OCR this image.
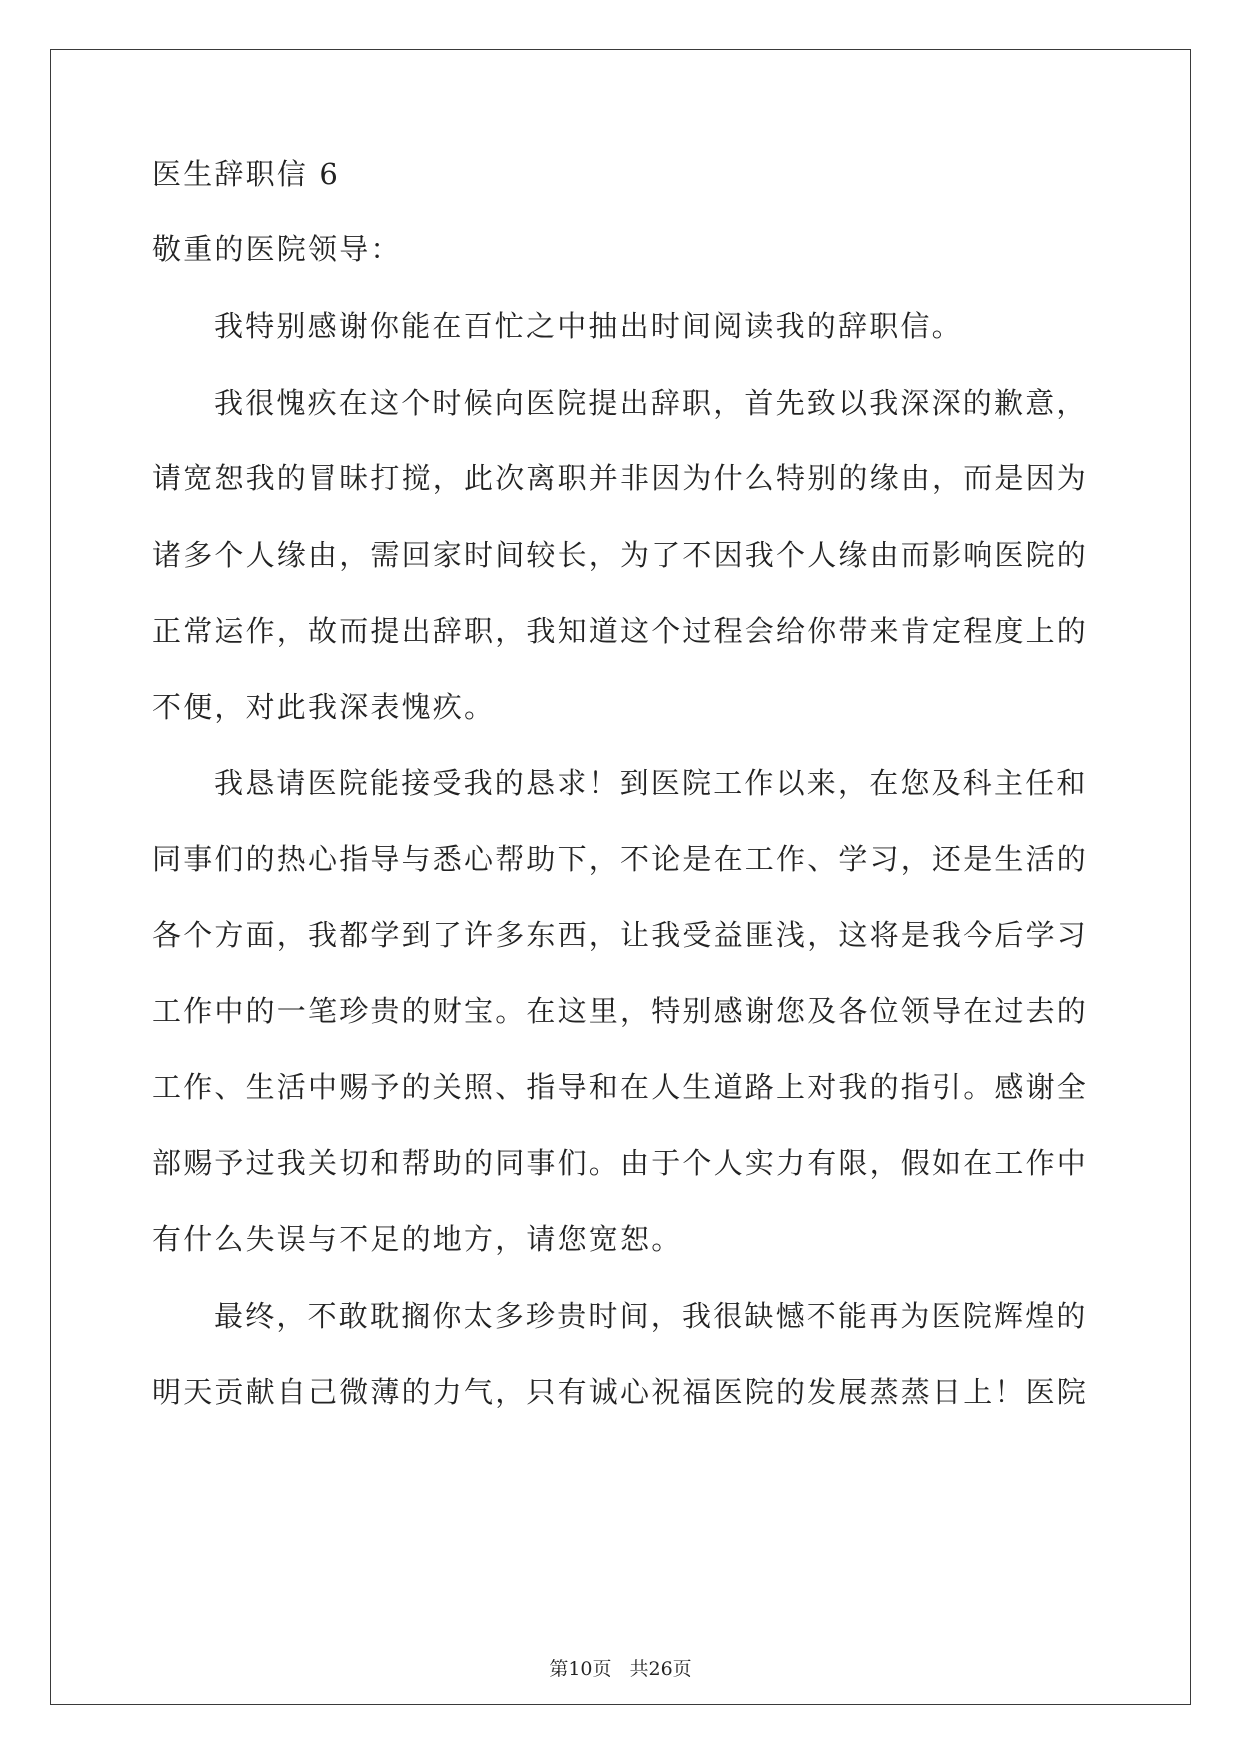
医生辞职信 6

敬重的医院领导：

我特别感谢你能在百忙之中抽出时间阅读我的辞职信。

我很愧疚在这个时候向医院提出辞职，首先致以我深深的歉意，

请宽恕我的冒昧打搅，此次离职并非因为什么特别的缘由，而是因为

诸多个人缘由，需回家时间较长，为了不因我个人缘由而影响医院的

正常运作，故而提出辞职，我知道这个过程会给你带来肯定程度上的

不便，对此我深表愧疚。

我恳请医院能接受我的恳求！到医院工作以来，在您及科主任和

同事们的热心指导与悉心帮助下，不论是在工作、学习，还是生活的

各个方面，我都学到了许多东西，让我受益匪浅，这将是我今后学习

工作中的一笔珍贵的财宝。在这里，特别感谢您及各位领导在过去的

工作、生活中赐予的关照、指导和在人生道路上对我的指引。感谢全

部赐予过我关切和帮助的同事们。由于个人实力有限，假如在工作中

有什么失误与不足的地方，请您宽恕。

最终，不敢耽搁你太多珍贵时间，我很缺憾不能再为医院辉煌的

明天贡献自己微薄的力气，只有诚心祝福医院的发展蒸蒸日上！医院

第10页 共26页
